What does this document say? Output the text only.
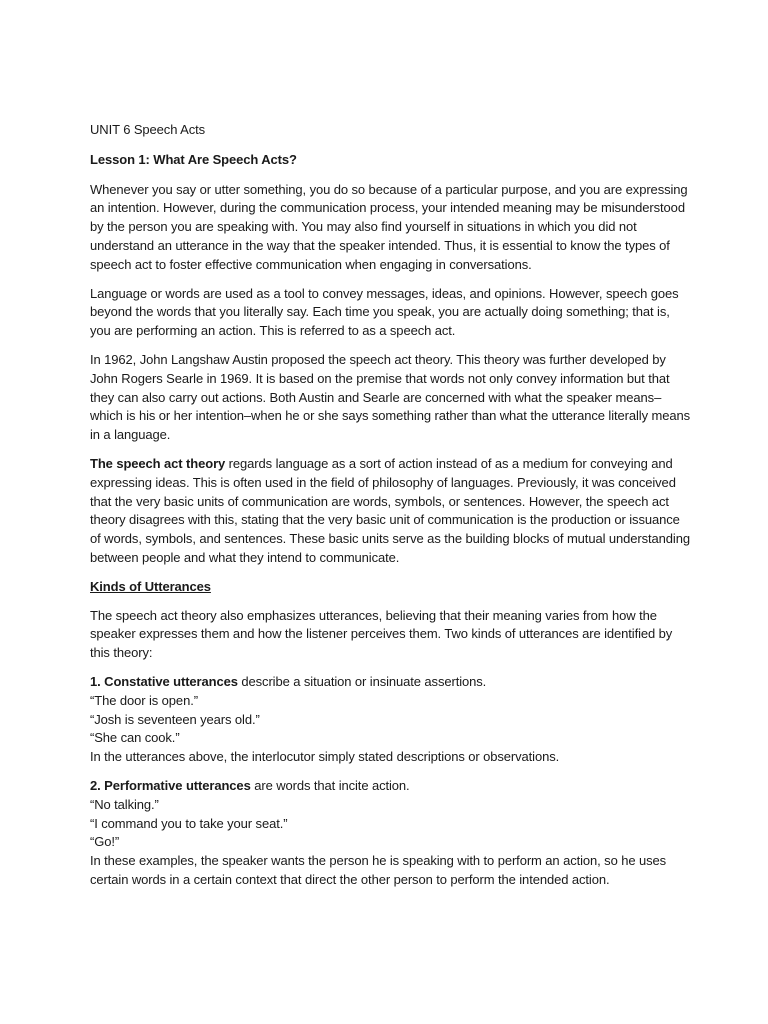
UNIT 6 Speech Acts
Lesson 1: What Are Speech Acts?

Whenever you say or utter something, you do so because of a particular purpose, and you are expressing an intention. However, during the communication process, your intended meaning may be misunderstood by the person you are speaking with. You may also find yourself in situations in which you did not understand an utterance in the way that the speaker intended. Thus, it is essential to know the types of speech act to foster effective communication when engaging in conversations.

Language or words are used as a tool to convey messages, ideas, and opinions. However, speech goes beyond the words that you literally say. Each time you speak, you are actually doing something; that is, you are performing an action. This is referred to as a speech act.

In 1962, John Langshaw Austin proposed the speech act theory. This theory was further developed by John Rogers Searle in 1969. It is based on the premise that words not only convey information but that they can also carry out actions. Both Austin and Searle are concerned with what the speaker means–which is his or her intention–when he or she says something rather than what the utterance literally means in a language.

The speech act theory regards language as a sort of action instead of as a medium for conveying and expressing ideas. This is often used in the field of philosophy of languages. Previously, it was conceived that the very basic units of communication are words, symbols, or sentences. However, the speech act theory disagrees with this, stating that the very basic unit of communication is the production or issuance of words, symbols, and sentences. These basic units serve as the building blocks of mutual understanding between people and what they intend to communicate.

Kinds of Utterances

The speech act theory also emphasizes utterances, believing that their meaning varies from how the speaker expresses them and how the listener perceives them. Two kinds of utterances are identified by this theory:

1. Constative utterances describe a situation or insinuate assertions.
“The door is open.”
“Josh is seventeen years old.”
“She can cook.”
In the utterances above, the interlocutor simply stated descriptions or observations.
2. Performative utterances are words that incite action.
“No talking.”
“I command you to take your seat.”
“Go!”
In these examples, the speaker wants the person he is speaking with to perform an action, so he uses certain words in a certain context that direct the other person to perform the intended action.
